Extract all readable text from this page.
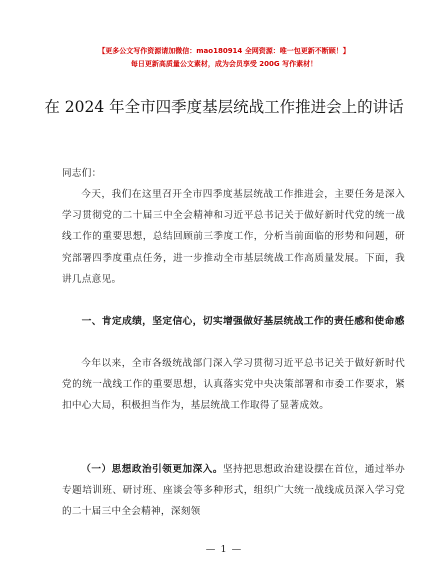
【更多公文写作资源请加微信：mao180914 全网资源：唯一包更新不断顾！】
每日更新高质量公文素材，成为会员享受 200G 写作素材！
在 2024 年全市四季度基层统战工作推进会上的讲话
同志们：
今天，我们在这里召开全市四季度基层统战工作推进会，主要任务是深入学习贯彻党的二十届三中全会精神和习近平总书记关于做好新时代党的统一战线工作的重要思想，总结回顾前三季度工作，分析当前面临的形势和问题，研究部署四季度重点任务，进一步推动全市基层统战工作高质量发展。下面，我讲几点意见。
一、肯定成绩，坚定信心，切实增强做好基层统战工作的责任感和使命感
今年以来，全市各级统战部门深入学习贯彻习近平总书记关于做好新时代党的统一战线工作的重要思想，认真落实党中央决策部署和市委工作要求，紧扣中心大局，积极担当作为，基层统战工作取得了显著成效。
（一）思想政治引领更加深入。坚持把思想政治建设摆在首位，通过举办专题培训班、研讨班、座谈会等多种形式，组织广大统一战线成员深入学习党的二十届三中全会精神，深刻领
— 1 —
